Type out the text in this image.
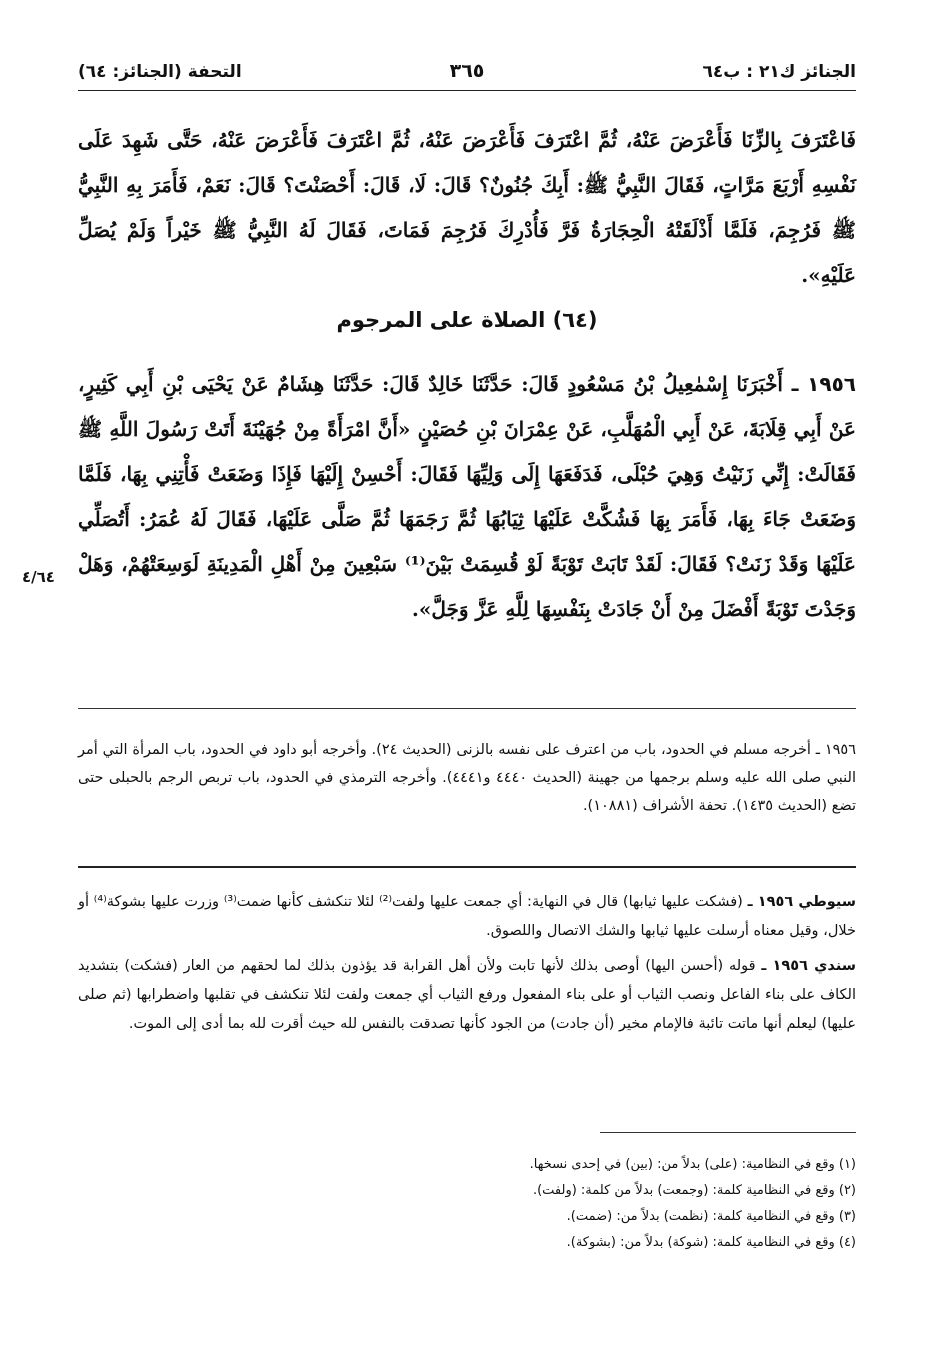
الجنائز ك٢١ : ب٦٤
٣٦٥
التحفة (الجنائز: ٦٤)
فَاعْتَرَفَ بِالزِّنَا فَأَعْرَضَ عَنْهُ، ثُمَّ اعْتَرَفَ فَأَعْرَضَ عَنْهُ، ثُمَّ اعْتَرَفَ فَأَعْرَضَ عَنْهُ، حَتَّى شَهِدَ عَلَى نَفْسِهِ أَرْبَعَ مَرَّاتٍ، فَقَالَ النَّبِيُّ ﷺ: أَبِكَ جُنُونٌ؟ قَالَ: لَا، قَالَ: أَحْصَنْتَ؟ قَالَ: نَعَمْ، فَأَمَرَ بِهِ النَّبِيُّ ﷺ فَرُجِمَ، فَلَمَّا أَذْلَقَتْهُ الْحِجَارَةُ فَرَّ فَأُدْرِكَ فَرُجِمَ فَمَاتَ، فَقَالَ لَهُ النَّبِيُّ ﷺ خَيْراً وَلَمْ يُصَلِّ عَلَيْهِ».
(٦٤) الصلاة على المرجوم
١٩٥٦ ـ أَخْبَرَنَا إِسْمٰعِيلُ بْنُ مَسْعُودٍ قَالَ: حَدَّثَنَا خَالِدٌ قَالَ: حَدَّثَنَا هِشَامٌ عَنْ يَحْيَى بْنِ أَبِي كَثِيرٍ، عَنْ أَبِي قِلَابَةَ، عَنْ أَبِي الْمُهَلَّبِ، عَنْ عِمْرَانَ بْنِ حُصَيْنٍ «أَنَّ امْرَأَةً مِنْ جُهَيْنَةَ أَتَتْ رَسُولَ اللَّهِ ﷺ فَقَالَتْ: إِنِّي زَنَيْتُ وَهِيَ حُبْلَى، فَدَفَعَهَا إِلَى وَلِيِّهَا فَقَالَ: أَحْسِنْ إِلَيْهَا فَإِذَا وَضَعَتْ فَأْتِنِي بِهَا، فَلَمَّا وَضَعَتْ جَاءَ بِهَا، فَأَمَرَ بِهَا فَشُكَّتْ عَلَيْهَا ثِيَابُهَا ثُمَّ رَجَمَهَا ثُمَّ صَلَّى عَلَيْهَا، فَقَالَ لَهُ عُمَرُ: أَتُصَلِّي عَلَيْهَا وَقَدْ زَنَتْ؟ فَقَالَ: لَقَدْ تَابَتْ تَوْبَةً لَوْ قُسِمَتْ بَيْنَ⁽¹⁾ سَبْعِينَ مِنْ أَهْلِ الْمَدِينَةِ لَوَسِعَتْهُمْ، وَهَلْ وَجَدْتَ تَوْبَةً أَفْضَلَ مِنْ أَنْ جَادَتْ بِنَفْسِهَا لِلَّهِ عَزَّ وَجَلَّ».
٤/٦٤
١٩٥٦ ـ أخرجه مسلم في الحدود، باب من اعترف على نفسه بالزنى (الحديث ٢٤). وأخرجه أبو داود في الحدود، باب المرأة التي أمر النبي صلى الله عليه وسلم برجمها من جهينة (الحديث ٤٤٤٠ و٤٤٤١). وأخرجه الترمذي في الحدود، باب تربص الرجم بالحبلى حتى تضع (الحديث ١٤٣٥). تحفة الأشراف (١٠٨٨١).

سيوطي ١٩٥٦ ـ (فشكت عليها ثيابها) قال في النهاية: أي جمعت عليها ولفت⁽²⁾ لئلا تنكشف كأنها ضمت⁽³⁾ وزرت عليها بشوكة⁽⁴⁾ أو خلال، وقيل معناه أرسلت عليها ثيابها والشك الاتصال واللصوق.

سندي ١٩٥٦ ـ قوله (أحسن اليها) أوصى بذلك لأنها تابت ولأن أهل القرابة قد يؤذون بذلك لما لحقهم من العار (فشكت) بتشديد الكاف على بناء الفاعل ونصب الثياب أو على بناء المفعول ورفع الثياب أي جمعت ولفت لئلا تنكشف في تقلبها واضطرابها (ثم صلى عليها) ليعلم أنها ماتت تائبة فالإمام مخير (أن جادت) من الجود كأنها تصدقت بالنفس لله حيث أقرت لله بما أدى إلى الموت.

(١) وقع في النظامية: (على) بدلاً من: (بين) في إحدى نسخها.
(٢) وقع في النظامية كلمة: (وجمعت) بدلاً من كلمة: (ولفت).
(٣) وقع في النظامية كلمة: (نظمت) بدلاً من: (ضمت).
(٤) وقع في النظامية كلمة: (شوكة) بدلاً من: (بشوكة).
